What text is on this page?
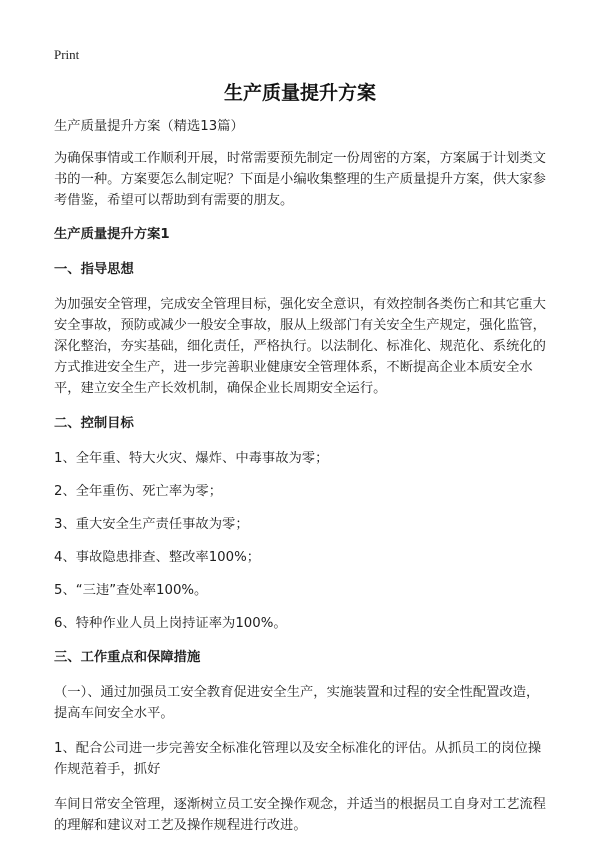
Print
生产质量提升方案

生产质量提升方案（精选13篇）

为确保事情或工作顺利开展，时常需要预先制定一份周密的方案，方案属于计划类文书的一种。方案要怎么制定呢？下面是小编收集整理的生产质量提升方案，供大家参考借鉴，希望可以帮助到有需要的朋友。

生产质量提升方案1

一、指导思想

为加强安全管理，完成安全管理目标，强化安全意识，有效控制各类伤亡和其它重大安全事故，预防或减少一般安全事故，服从上级部门有关安全生产规定，强化监管，深化整治，夯实基础，细化责任，严格执行。以法制化、标准化、规范化、系统化的方式推进安全生产，进一步完善职业健康安全管理体系，不断提高企业本质安全水平，建立安全生产长效机制，确保企业长周期安全运行。

二、控制目标

1、全年重、特大火灾、爆炸、中毒事故为零；

2、全年重伤、死亡率为零；

3、重大安全生产责任事故为零；

4、事故隐患排查、整改率100%；

5、“三违”查处率100%。

6、特种作业人员上岗持证率为100%。

三、工作重点和保障措施

（一）、通过加强员工安全教育促进安全生产，实施装置和过程的安全性配置改造，提高车间安全水平。

1、配合公司进一步完善安全标准化管理以及安全标准化的评估。从抓员工的岗位操作规范着手，抓好

车间日常安全管理，逐渐树立员工安全操作观念，并适当的根据员工自身对工艺流程的理解和建议对工艺及操作规程进行改进。
